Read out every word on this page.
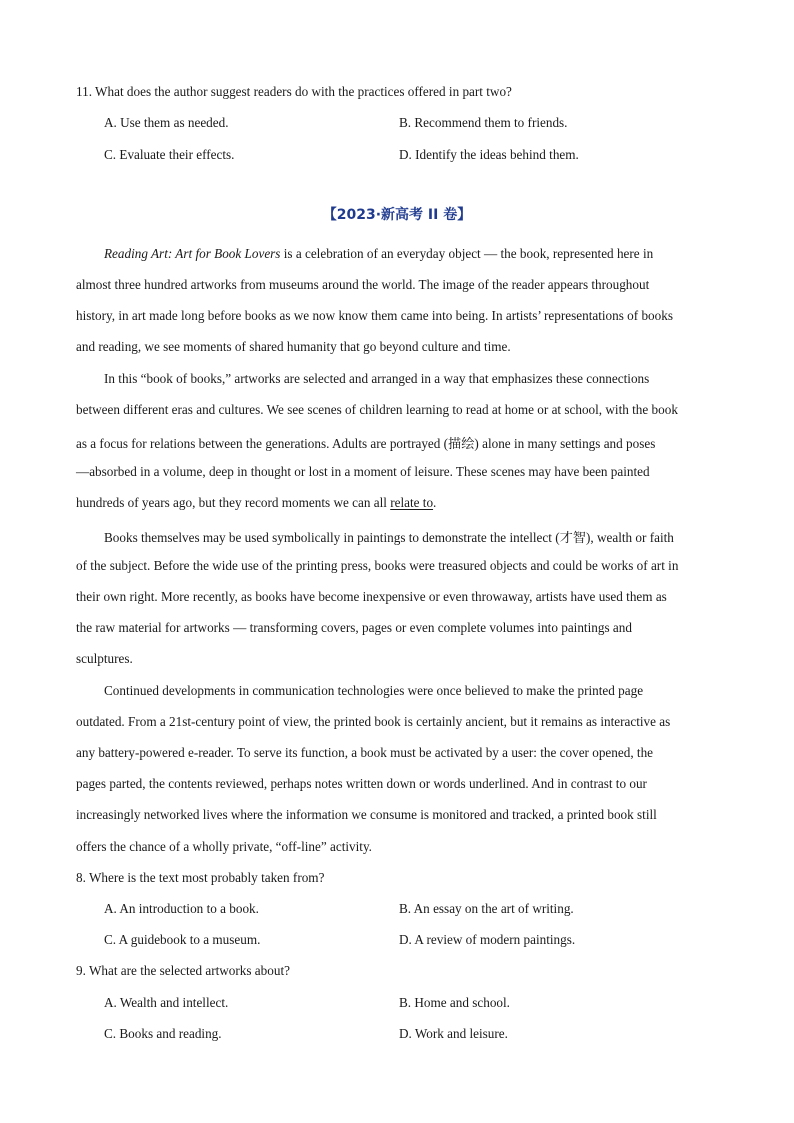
11. What does the author suggest readers do with the practices offered in part two?
A. Use them as needed.	B. Recommend them to friends.
C. Evaluate their effects.	D. Identify the ideas behind them.
【2023·新高考 II 卷】
Reading Art: Art for Book Lovers is a celebration of an everyday object — the book, represented here in
almost three hundred artworks from museums around the world. The image of the reader appears throughout
history, in art made long before books as we now know them came into being. In artists’ representations of books
and reading, we see moments of shared humanity that go beyond culture and time.
In this “book of books,” artworks are selected and arranged in a way that emphasizes these connections
between different eras and cultures. We see scenes of children learning to read at home or at school, with the book
as a focus for relations between the generations. Adults are portrayed (描绘) alone in many settings and poses
—absorbed in a volume, deep in thought or lost in a moment of leisure. These scenes may have been painted
hundreds of years ago, but they record moments we can all relate to.
Books themselves may be used symbolically in paintings to demonstrate the intellect (才智), wealth or faith
of the subject. Before the wide use of the printing press, books were treasured objects and could be works of art in
their own right. More recently, as books have become inexpensive or even throwaway, artists have used them as
the raw material for artworks — transforming covers, pages or even complete volumes into paintings and
sculptures.
Continued developments in communication technologies were once believed to make the printed page
outdated. From a 21st-century point of view, the printed book is certainly ancient, but it remains as interactive as
any battery-powered e-reader. To serve its function, a book must be activated by a user: the cover opened, the
pages parted, the contents reviewed, perhaps notes written down or words underlined. And in contrast to our
increasingly networked lives where the information we consume is monitored and tracked, a printed book still
offers the chance of a wholly private, “off-line” activity.
8. Where is the text most probably taken from?
A. An introduction to a book.	B. An essay on the art of writing.
C. A guidebook to a museum.	D. A review of modern paintings.
9. What are the selected artworks about?
A. Wealth and intellect.	B. Home and school.
C. Books and reading.	D. Work and leisure.
